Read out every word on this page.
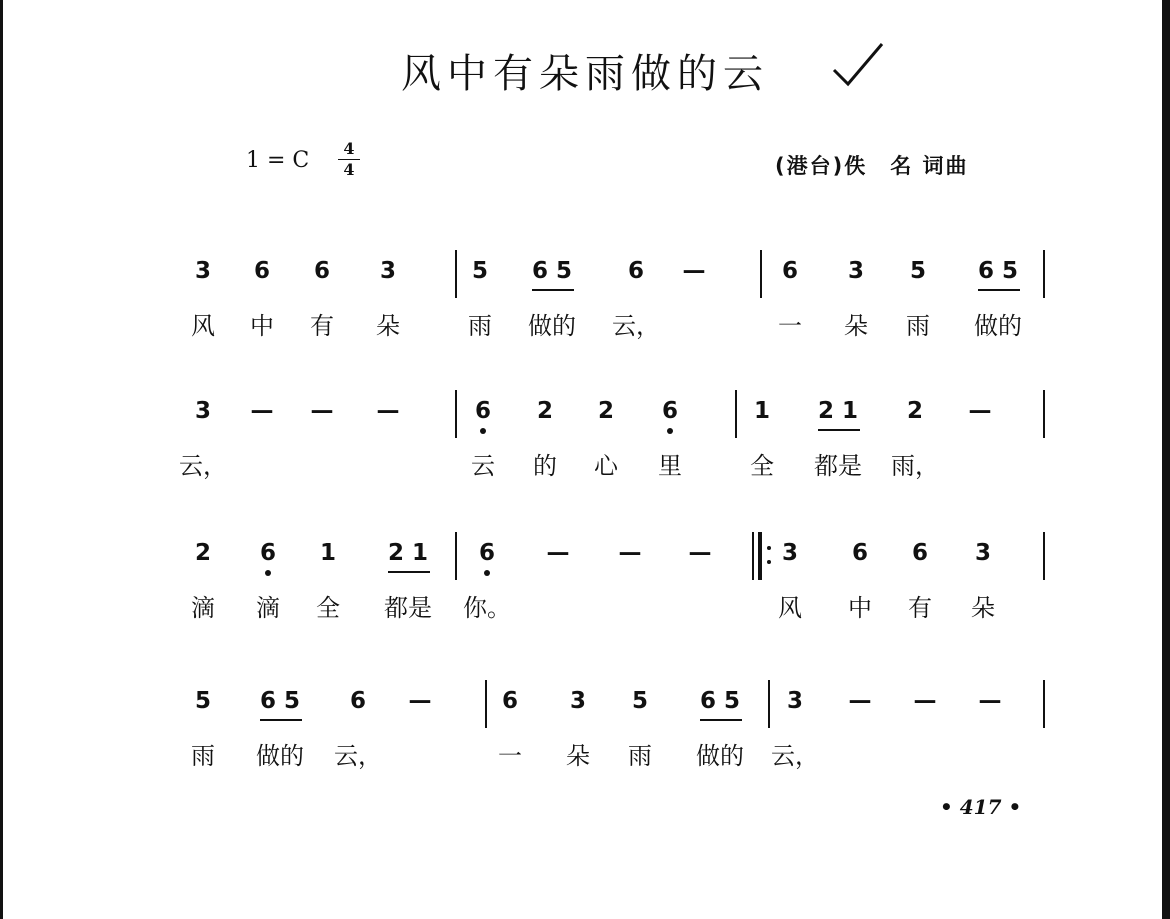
风中有朵雨做的云
1 = C	4
4	(港台)佚　名 词曲
3 6 6 3	5 6 5 6 —	6 3 5 6 5
风 中 有 朵	雨 做的 云，	一 朵 雨 做的
3 — — —	6 2 2 6	1 2 1 2 —
云，	云 的 心 里	全 都是 雨，
2 6 1 2 1 6 — — —	3 6 6 3
滴 滴 全 都是 你。	风 中 有 朵
5 6 5 6 —	6 3 5 6 5 3 — — —
雨 做的 云，	一 朵 雨 做的 云，
• 417 •
